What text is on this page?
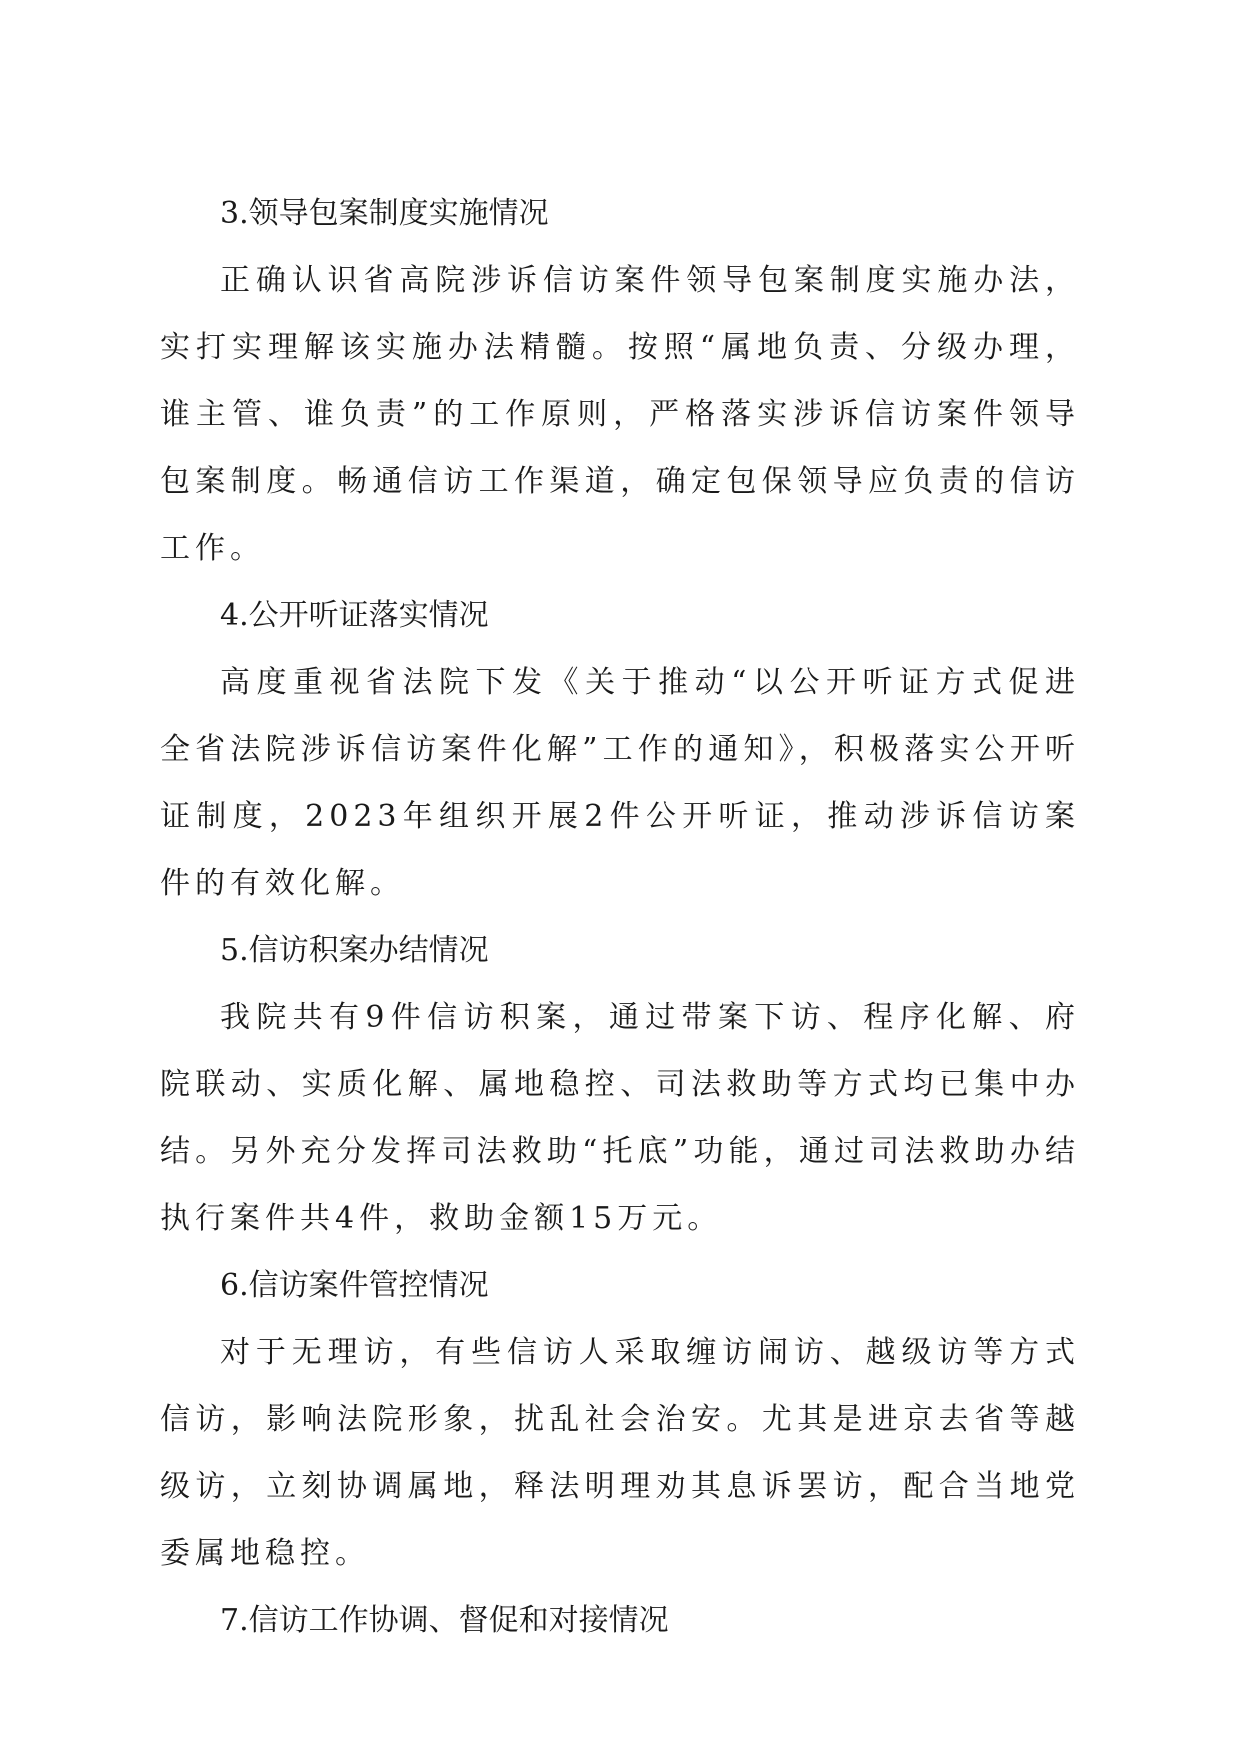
3.领导包案制度实施情况

正确认识省高院涉诉信访案件领导包案制度实施办法，实打实理解该实施办法精髓。按照“属地负责、分级办理，谁主管、谁负责”的工作原则，严格落实涉诉信访案件领导包案制度。畅通信访工作渠道，确定包保领导应负责的信访工作。

4.公开听证落实情况

高度重视省法院下发《关于推动“以公开听证方式促进全省法院涉诉信访案件化解”工作的通知》，积极落实公开听证制度，2023年组织开展2件公开听证，推动涉诉信访案件的有效化解。

5.信访积案办结情况

我院共有9件信访积案，通过带案下访、程序化解、府院联动、实质化解、属地稳控、司法救助等方式均已集中办结。另外充分发挥司法救助“托底”功能，通过司法救助办结执行案件共4件，救助金额15万元。

6.信访案件管控情况

对于无理访，有些信访人采取缠访闹访、越级访等方式信访，影响法院形象，扰乱社会治安。尤其是进京去省等越级访，立刻协调属地，释法明理劝其息诉罢访，配合当地党委属地稳控。

7.信访工作协调、督促和对接情况
